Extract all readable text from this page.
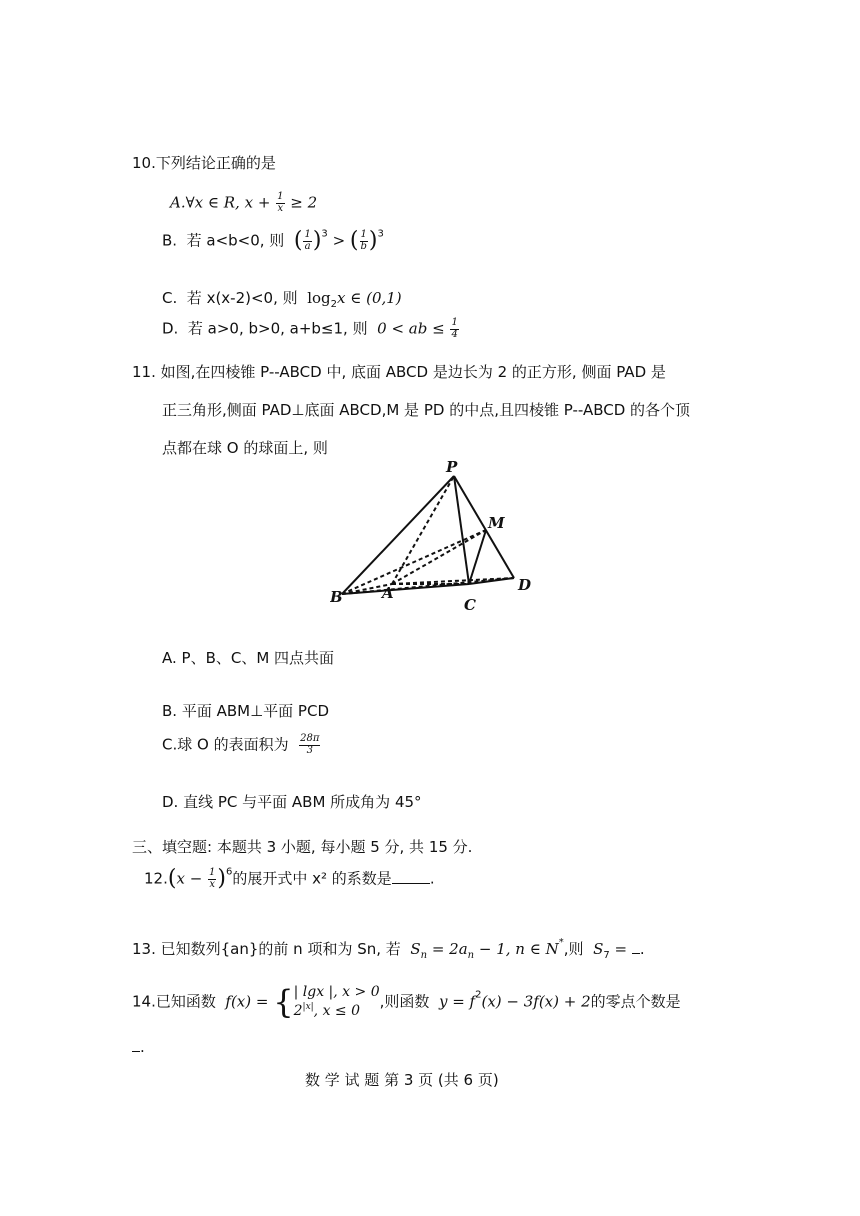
10.下列结论正确的是
A.∀x ∈ R, $x + \frac{1}{x} \ge 2$
B. 若 a<b<0, 则 ( $\frac{1}{a} )^3$ > ( $\frac{1}{b} )^3$
C. 若 x(x-2)<0, 则 $\log_2x$ ∈ (0,1)
D. 若 a>0, b>0, a+b≤1, 则 0 < ab ≤ $\frac{1}{4}$
11. 如图,在四棱锥 P--ABCD 中, 底面 ABCD 是边长为 2 的正方形, 侧面 PAD 是
正三角形,侧面 PAD⊥底面 ABCD,M 是 PD 的中点,且四棱锥 P--ABCD 的各个顶
点都在球 O 的球面上, 则
P
M
B	A
C
D
A. P、B、C、M 四点共面
B. 平面 ABM⊥平面 PCD
C.球 O 的表面积为 $\frac{28\pi}{3}$
D. 直线 PC 与平面 ABM 所成角为 45°
三、填空题: 本题共 3 小题, 每小题 5 分, 共 15 分.
$12.(x - \frac{1}{x} )^6$的展开式中 x² 的系数是	.
13. 已知数列{an}的前 n 项和为 Sn, 若 $S_n = 2a_n - 1$, n ∈ N*,则 $S_7$ = .
14.已知函数 f(x) = { | lgx |, x > 0
$2^{|x|}$, x ≤ 0	,则函数 $y = f^2(x) - 3f(x) + 2$的零点个数是
.
数 学 试 题 第 3 页 (共 6 页)
